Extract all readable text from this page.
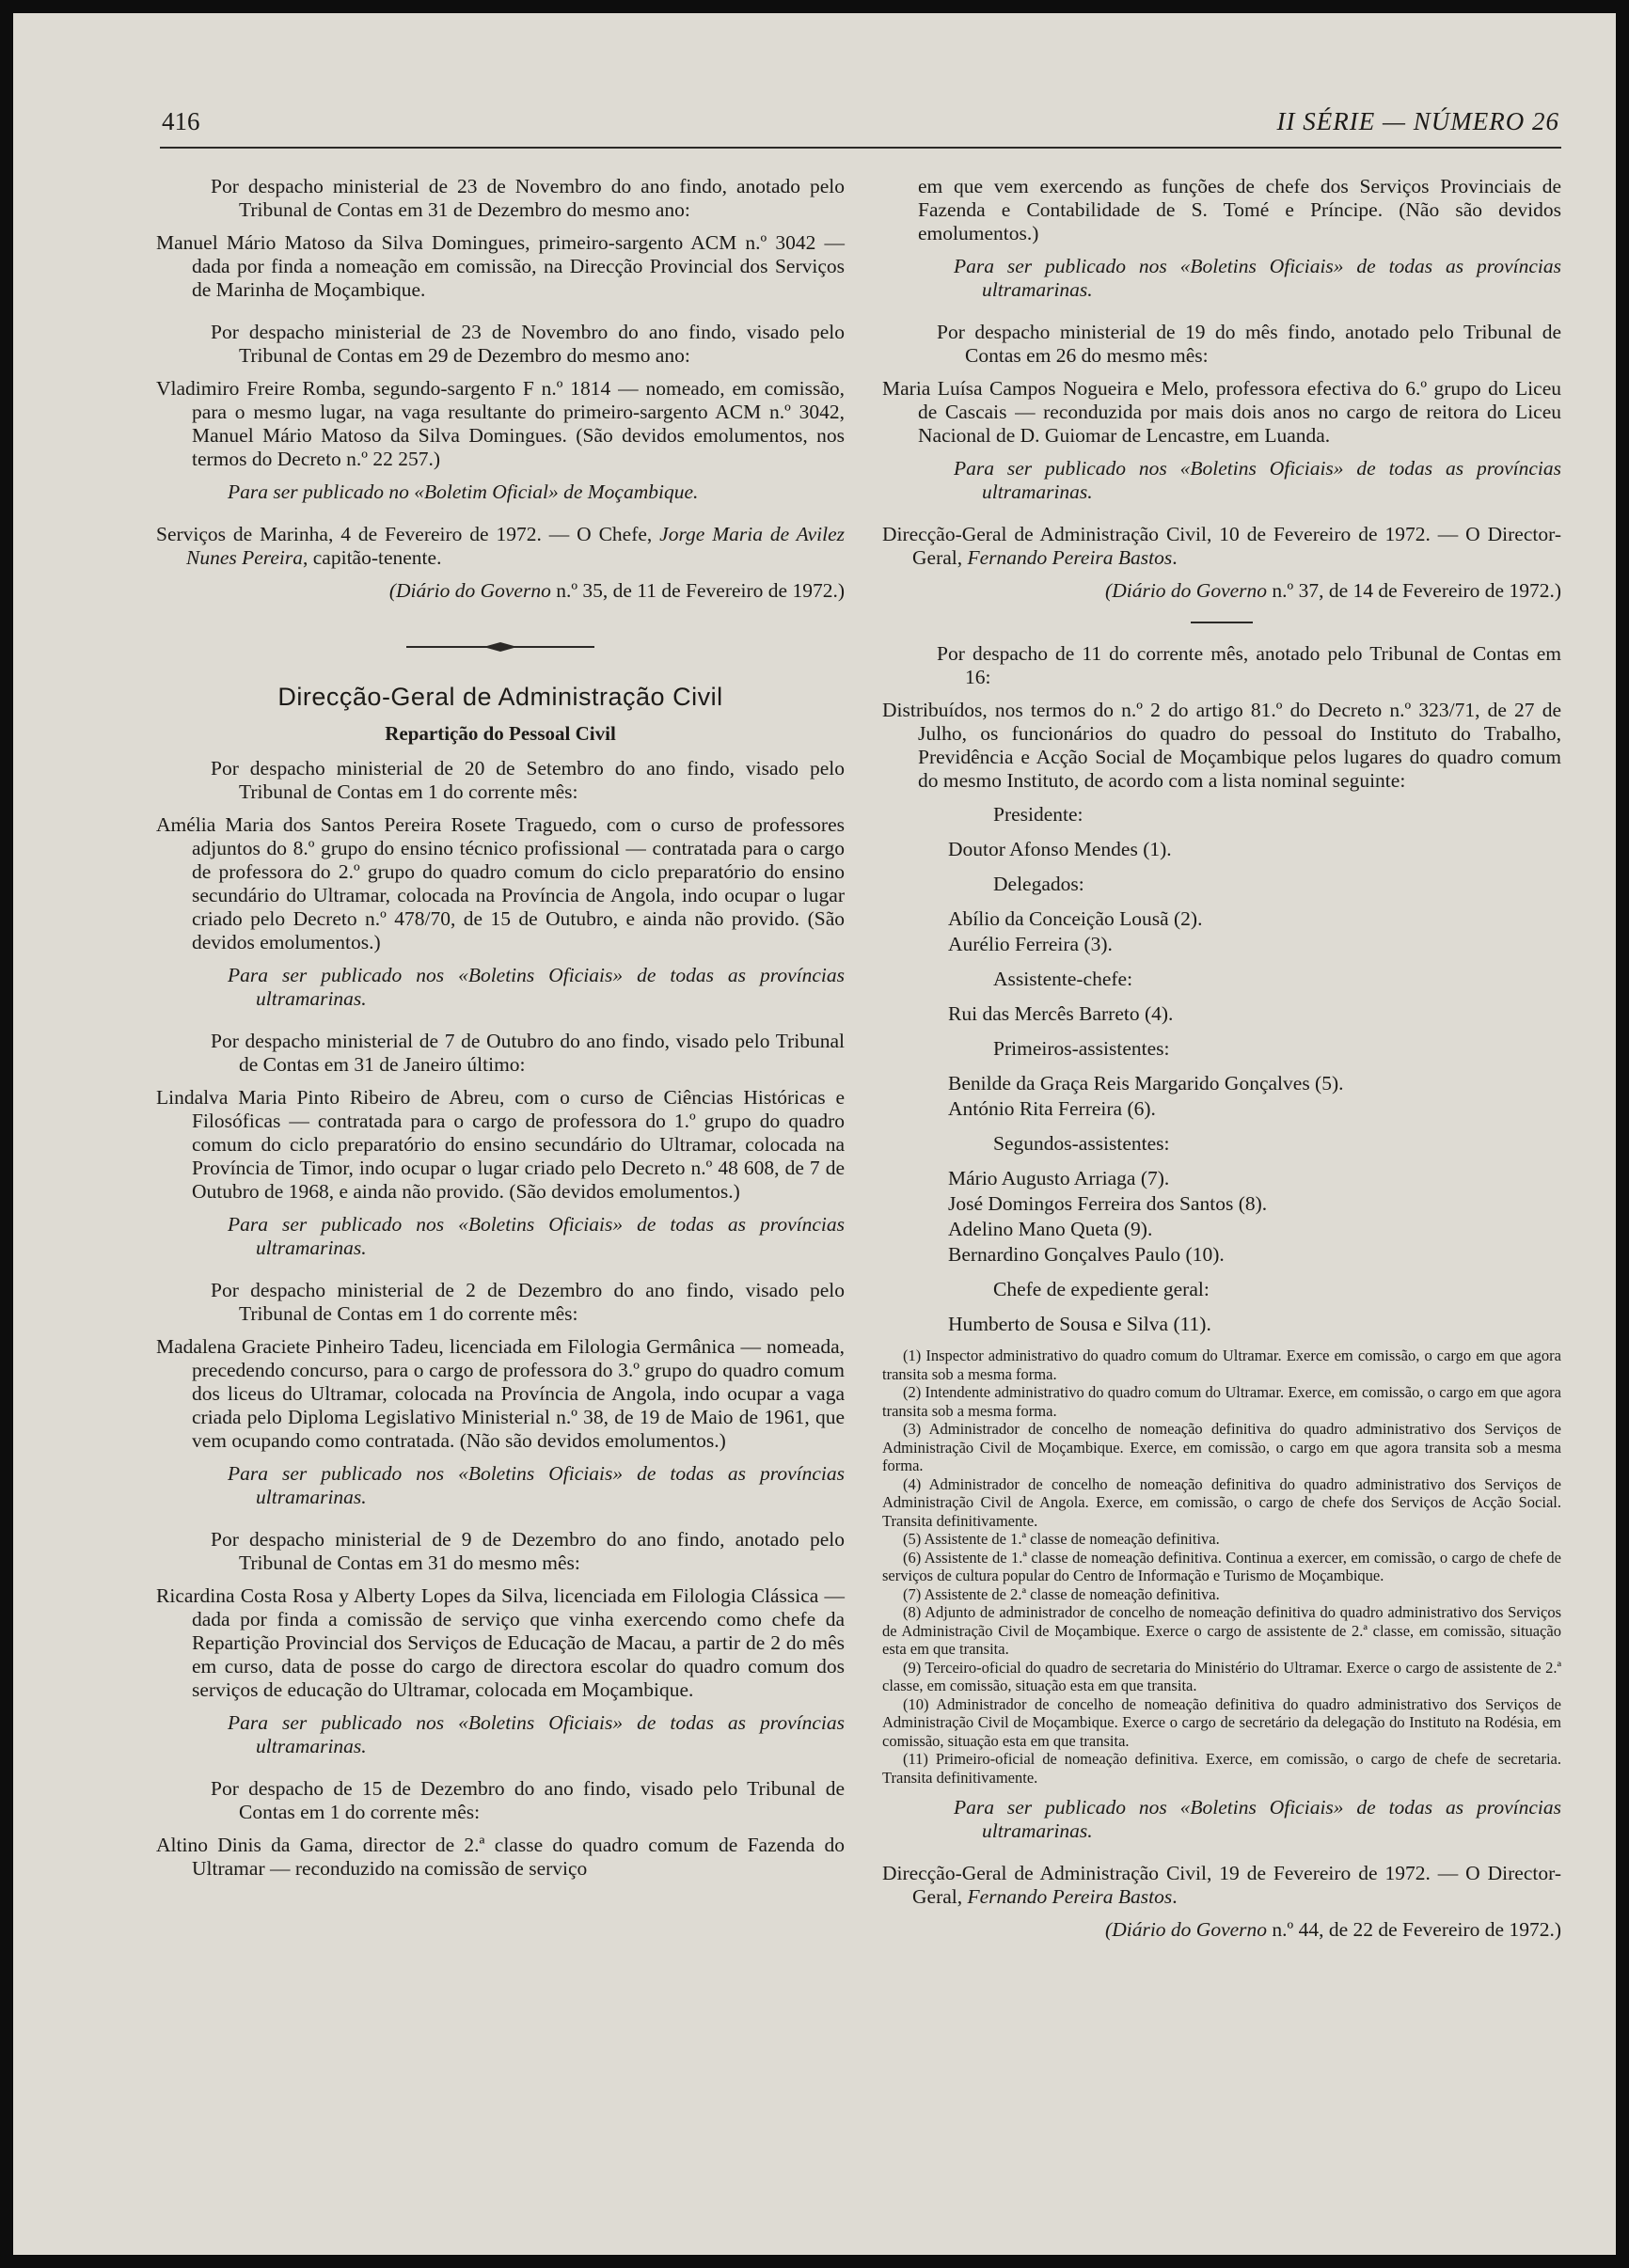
416	II SÉRIE — NÚMERO 26

Por despacho ministerial de 23 de Novembro do ano findo, anotado pelo Tribunal de Contas em 31 de Dezembro do mesmo ano:

Manuel Mário Matoso da Silva Domingues, primeiro-sargento ACM n.º 3042 — dada por finda a nomeação em comissão, na Direcção Provincial dos Serviços de Marinha de Moçambique.

Por despacho ministerial de 23 de Novembro do ano findo, visado pelo Tribunal de Contas em 29 de Dezembro do mesmo ano:

Vladimiro Freire Romba, segundo-sargento F n.º 1814 — nomeado, em comissão, para o mesmo lugar, na vaga resultante do primeiro-sargento ACM n.º 3042, Manuel Mário Matoso da Silva Domingues. (São devidos emolumentos, nos termos do Decreto n.º 22 257.)

Para ser publicado no «Boletim Oficial» de Moçambique.

Serviços de Marinha, 4 de Fevereiro de 1972. — O Chefe, Jorge Maria de Avilez Nunes Pereira, capitão-tenente.

(Diário do Governo n.º 35, de 11 de Fevereiro de 1972.)

Direcção-Geral de Administração Civil

Repartição do Pessoal Civil

Por despacho ministerial de 20 de Setembro do ano findo, visado pelo Tribunal de Contas em 1 do corrente mês:

Amélia Maria dos Santos Pereira Rosete Traguedo, com o curso de professores adjuntos do 8.º grupo do ensino técnico profissional — contratada para o cargo de professora do 2.º grupo do quadro comum do ciclo preparatório do ensino secundário do Ultramar, colocada na Província de Angola, indo ocupar o lugar criado pelo Decreto n.º 478/70, de 15 de Outubro, e ainda não provido. (São devidos emolumentos.)

Para ser publicado nos «Boletins Oficiais» de todas as províncias ultramarinas.

Por despacho ministerial de 7 de Outubro do ano findo, visado pelo Tribunal de Contas em 31 de Janeiro último:

Lindalva Maria Pinto Ribeiro de Abreu, com o curso de Ciências Históricas e Filosóficas — contratada para o cargo de professora do 1.º grupo do quadro comum do ciclo preparatório do ensino secundário do Ultramar, colocada na Província de Timor, indo ocupar o lugar criado pelo Decreto n.º 48 608, de 7 de Outubro de 1968, e ainda não provido. (São devidos emolumentos.)

Para ser publicado nos «Boletins Oficiais» de todas as províncias ultramarinas.

Por despacho ministerial de 2 de Dezembro do ano findo, visado pelo Tribunal de Contas em 1 do corrente mês:

Madalena Graciete Pinheiro Tadeu, licenciada em Filologia Germânica — nomeada, precedendo concurso, para o cargo de professora do 3.º grupo do quadro comum dos liceus do Ultramar, colocada na Província de Angola, indo ocupar a vaga criada pelo Diploma Legislativo Ministerial n.º 38, de 19 de Maio de 1961, que vem ocupando como contratada. (Não são devidos emolumentos.)

Para ser publicado nos «Boletins Oficiais» de todas as províncias ultramarinas.

Por despacho ministerial de 9 de Dezembro do ano findo, anotado pelo Tribunal de Contas em 31 do mesmo mês:

Ricardina Costa Rosa y Alberty Lopes da Silva, licenciada em Filologia Clássica — dada por finda a comissão de serviço que vinha exercendo como chefe da Repartição Provincial dos Serviços de Educação de Macau, a partir de 2 do mês em curso, data de posse do cargo de directora escolar do quadro comum dos serviços de educação do Ultramar, colocada em Moçambique.

Para ser publicado nos «Boletins Oficiais» de todas as províncias ultramarinas.

Por despacho de 15 de Dezembro do ano findo, visado pelo Tribunal de Contas em 1 do corrente mês:

Altino Dinis da Gama, director de 2.ª classe do quadro comum de Fazenda do Ultramar — reconduzido na comissão de serviço

em que vem exercendo as funções de chefe dos Serviços Provinciais de Fazenda e Contabilidade de S. Tomé e Príncipe. (Não são devidos emolumentos.)

Para ser publicado nos «Boletins Oficiais» de todas as províncias ultramarinas.

Por despacho ministerial de 19 do mês findo, anotado pelo Tribunal de Contas em 26 do mesmo mês:

Maria Luísa Campos Nogueira e Melo, professora efectiva do 6.º grupo do Liceu de Cascais — reconduzida por mais dois anos no cargo de reitora do Liceu Nacional de D. Guiomar de Lencastre, em Luanda.

Para ser publicado nos «Boletins Oficiais» de todas as províncias ultramarinas.

Direcção-Geral de Administração Civil, 10 de Fevereiro de 1972. — O Director-Geral, Fernando Pereira Bastos.

(Diário do Governo n.º 37, de 14 de Fevereiro de 1972.)

Por despacho de 11 do corrente mês, anotado pelo Tribunal de Contas em 16:

Distribuídos, nos termos do n.º 2 do artigo 81.º do Decreto n.º 323/71, de 27 de Julho, os funcionários do quadro do pessoal do Instituto do Trabalho, Previdência e Acção Social de Moçambique pelos lugares do quadro comum do mesmo Instituto, de acordo com a lista nominal seguinte:

Presidente:

Doutor Afonso Mendes (1).

Delegados:

Abílio da Conceição Lousã (2).

Aurélio Ferreira (3).

Assistente-chefe:

Rui das Mercês Barreto (4).

Primeiros-assistentes:

Benilde da Graça Reis Margarido Gonçalves (5).

António Rita Ferreira (6).

Segundos-assistentes:

Mário Augusto Arriaga (7).

José Domingos Ferreira dos Santos (8).

Adelino Mano Queta (9).

Bernardino Gonçalves Paulo (10).

Chefe de expediente geral:

Humberto de Sousa e Silva (11).

(1) Inspector administrativo do quadro comum do Ultramar. Exerce em comissão, o cargo em que agora transita sob a mesma forma.

(2) Intendente administrativo do quadro comum do Ultramar. Exerce, em comissão, o cargo em que agora transita sob a mesma forma.

(3) Administrador de concelho de nomeação definitiva do quadro administrativo dos Serviços de Administração Civil de Moçambique. Exerce, em comissão, o cargo em que agora transita sob a mesma forma.

(4) Administrador de concelho de nomeação definitiva do quadro administrativo dos Serviços de Administração Civil de Angola. Exerce, em comissão, o cargo de chefe dos Serviços de Acção Social. Transita definitivamente.

(5) Assistente de 1.ª classe de nomeação definitiva.

(6) Assistente de 1.ª classe de nomeação definitiva. Continua a exercer, em comissão, o cargo de chefe de serviços de cultura popular do Centro de Informação e Turismo de Moçambique.

(7) Assistente de 2.ª classe de nomeação definitiva.

(8) Adjunto de administrador de concelho de nomeação definitiva do quadro administrativo dos Serviços de Administração Civil de Moçambique. Exerce o cargo de assistente de 2.ª classe, em comissão, situação esta em que transita.

(9) Terceiro-oficial do quadro de secretaria do Ministério do Ultramar. Exerce o cargo de assistente de 2.ª classe, em comissão, situação esta em que transita.

(10) Administrador de concelho de nomeação definitiva do quadro administrativo dos Serviços de Administração Civil de Moçambique. Exerce o cargo de secretário da delegação do Instituto na Rodésia, em comissão, situação esta em que transita.

(11) Primeiro-oficial de nomeação definitiva. Exerce, em comissão, o cargo de chefe de secretaria. Transita definitivamente.

Para ser publicado nos «Boletins Oficiais» de todas as províncias ultramarinas.

Direcção-Geral de Administração Civil, 19 de Fevereiro de 1972. — O Director-Geral, Fernando Pereira Bastos.

(Diário do Governo n.º 44, de 22 de Fevereiro de 1972.)
